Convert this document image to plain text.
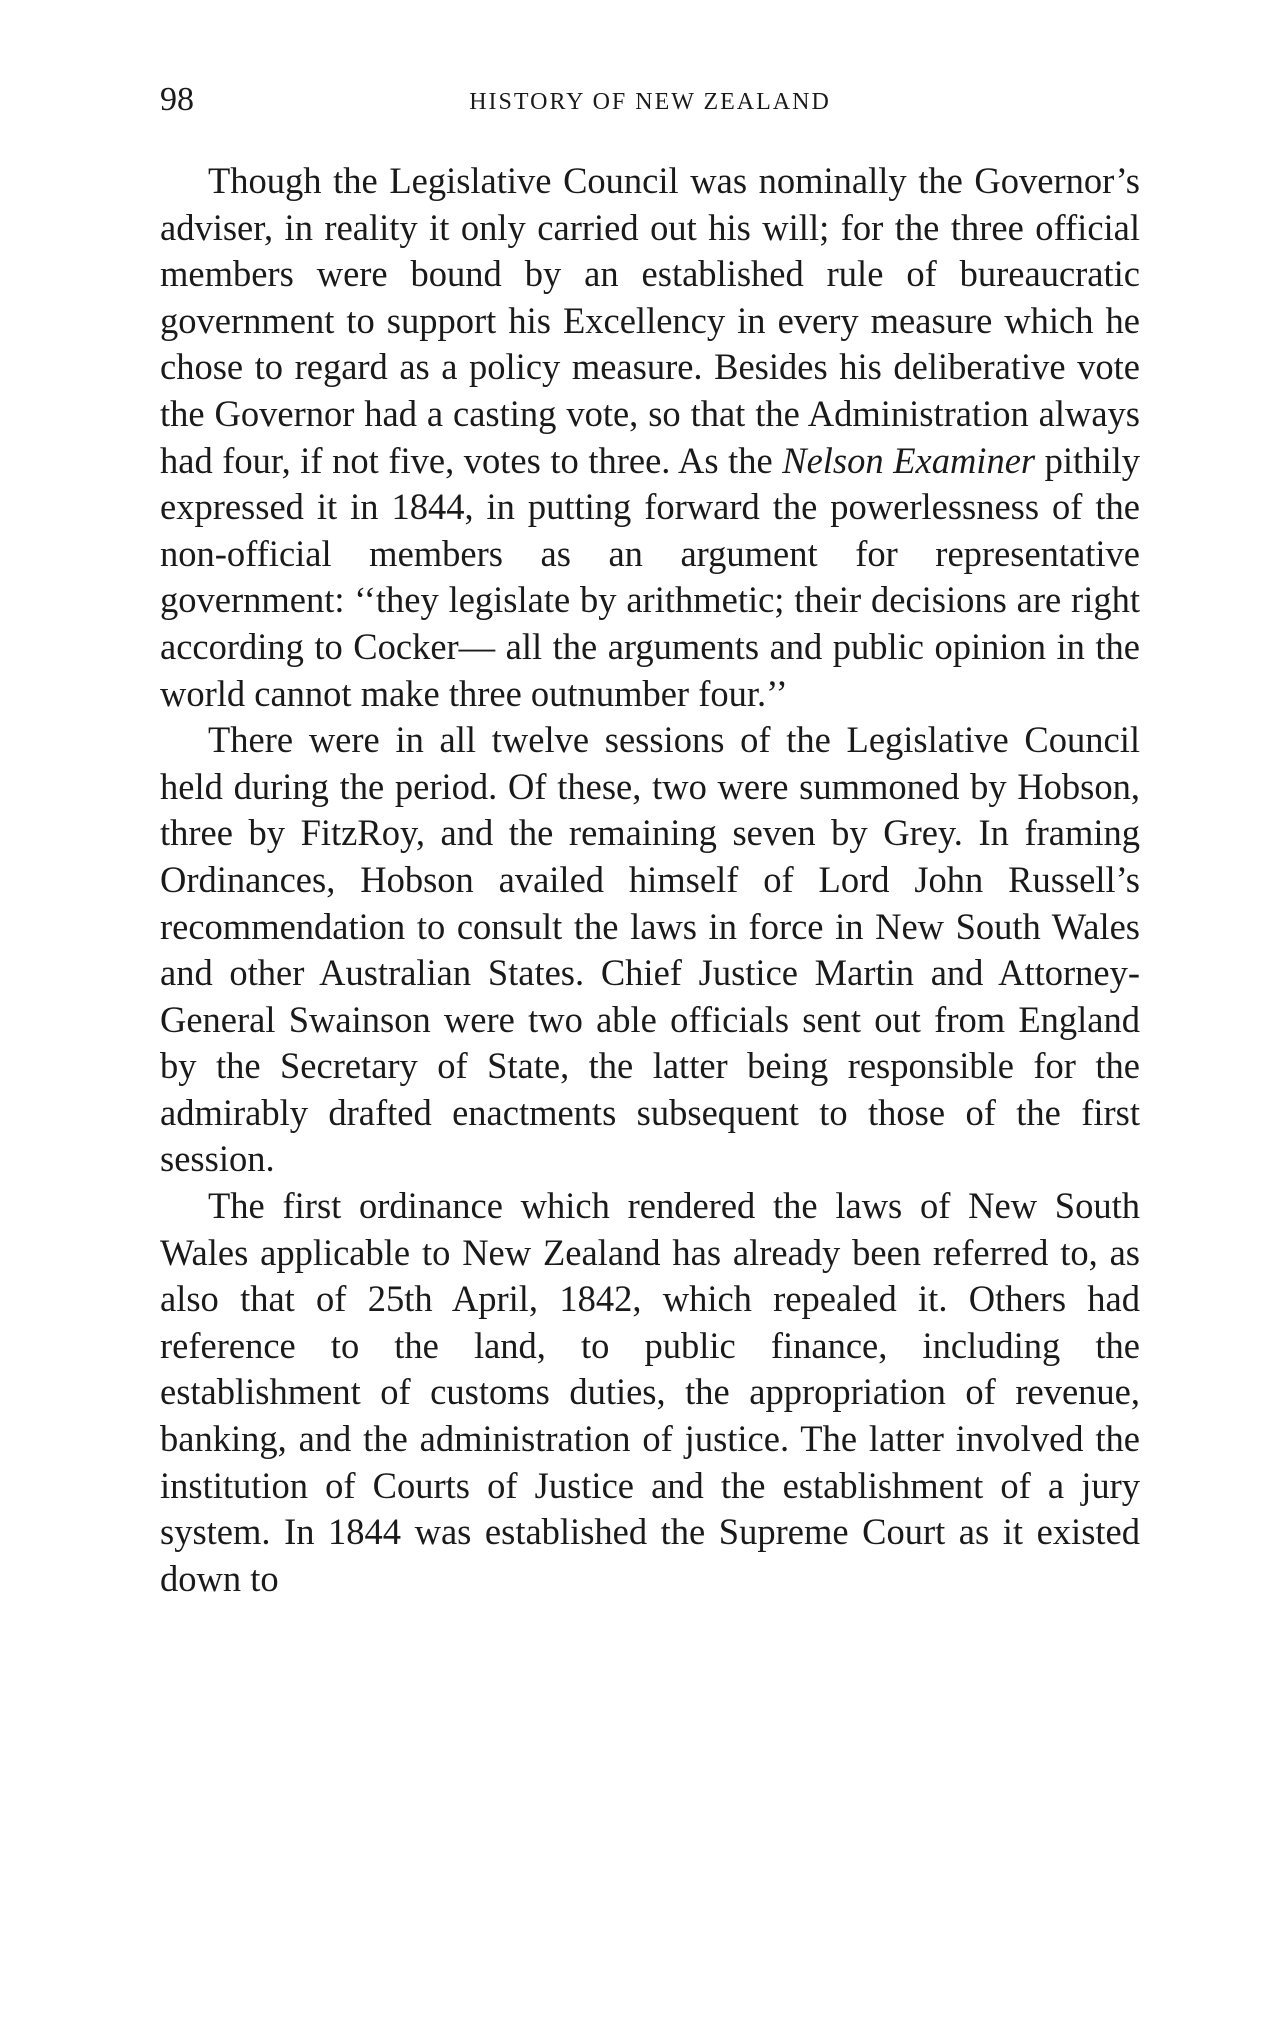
98	HISTORY OF NEW ZEALAND

Though the Legislative Council was nominally the Governor’s adviser, in reality it only carried out his will; for the three official members were bound by an established rule of bureaucratic government to support his Excellency in every measure which he chose to regard as a policy measure. Besides his deliberative vote the Governor had a casting vote, so that the Administration always had four, if not five, votes to three. As the Nelson Examiner pithily expressed it in 1844, in putting forward the powerlessness of the non-official members as an argument for representative government: ‘‘they legislate by arithmetic; their decisions are right according to Cocker— all the arguments and public opinion in the world cannot make three outnumber four.’’

There were in all twelve sessions of the Legislative Council held during the period. Of these, two were summoned by Hobson, three by FitzRoy, and the remaining seven by Grey. In framing Ordinances, Hobson availed himself of Lord John Russell’s recommendation to consult the laws in force in New South Wales and other Australian States. Chief Justice Martin and Attorney-General Swainson were two able officials sent out from England by the Secretary of State, the latter being responsible for the admirably drafted enactments subsequent to those of the first session.

The first ordinance which rendered the laws of New South Wales applicable to New Zealand has already been referred to, as also that of 25th April, 1842, which repealed it. Others had reference to the land, to public finance, including the establishment of customs duties, the appropriation of revenue, banking, and the administration of justice. The latter involved the institution of Courts of Justice and the establishment of a jury system. In 1844 was established the Supreme Court as it existed down to
